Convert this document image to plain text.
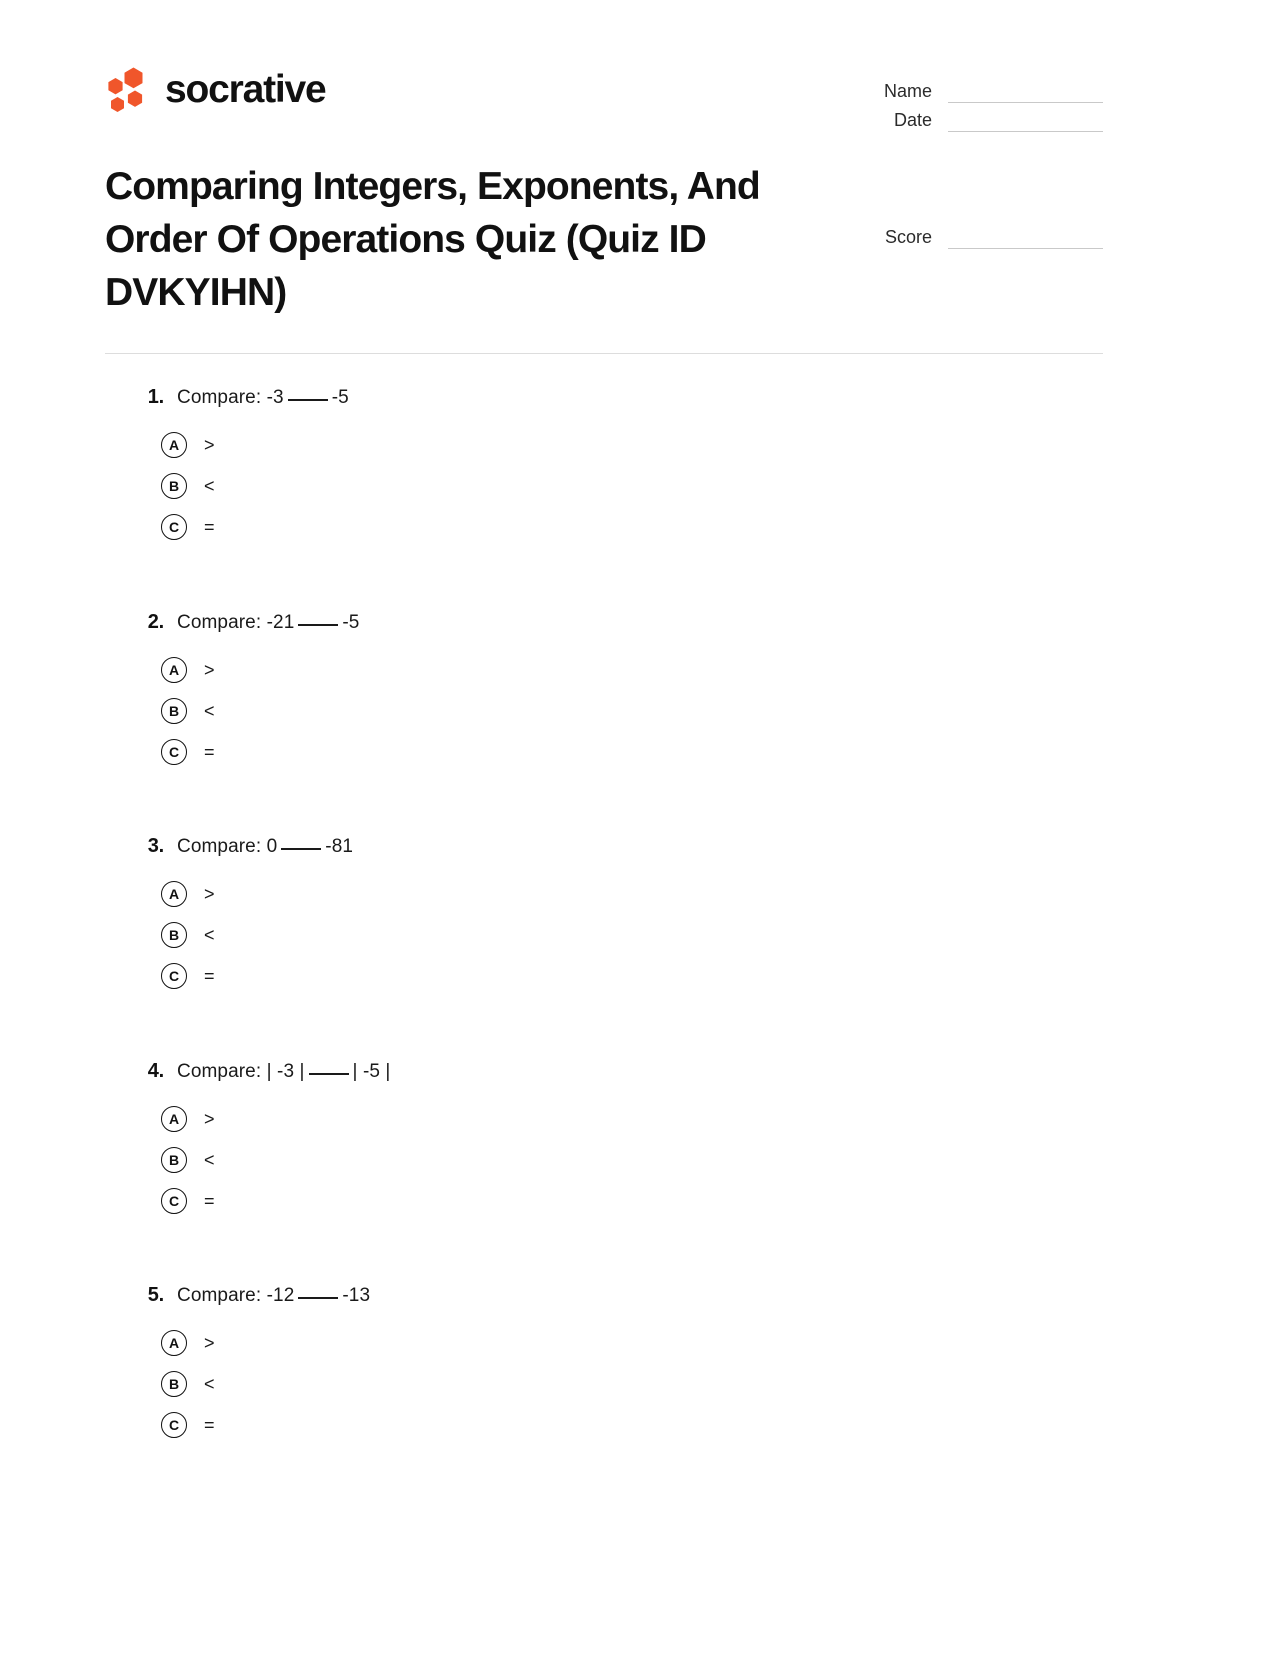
socrative	Name
Date
Comparing Integers, Exponents, And Order Of Operations Quiz (Quiz ID DVKYIHN)
Score
1. Compare: -3	-5
A	>
B	<
C	=
2. Compare: -21	-5
A	>
B	<
C	=
3. Compare: 0	-81
A	>
B	<
C	=
4. Compare: | -3 |	| -5 |
A	>
B	<
C	=
5. Compare: -12	-13
A	>
B	<
C	=
